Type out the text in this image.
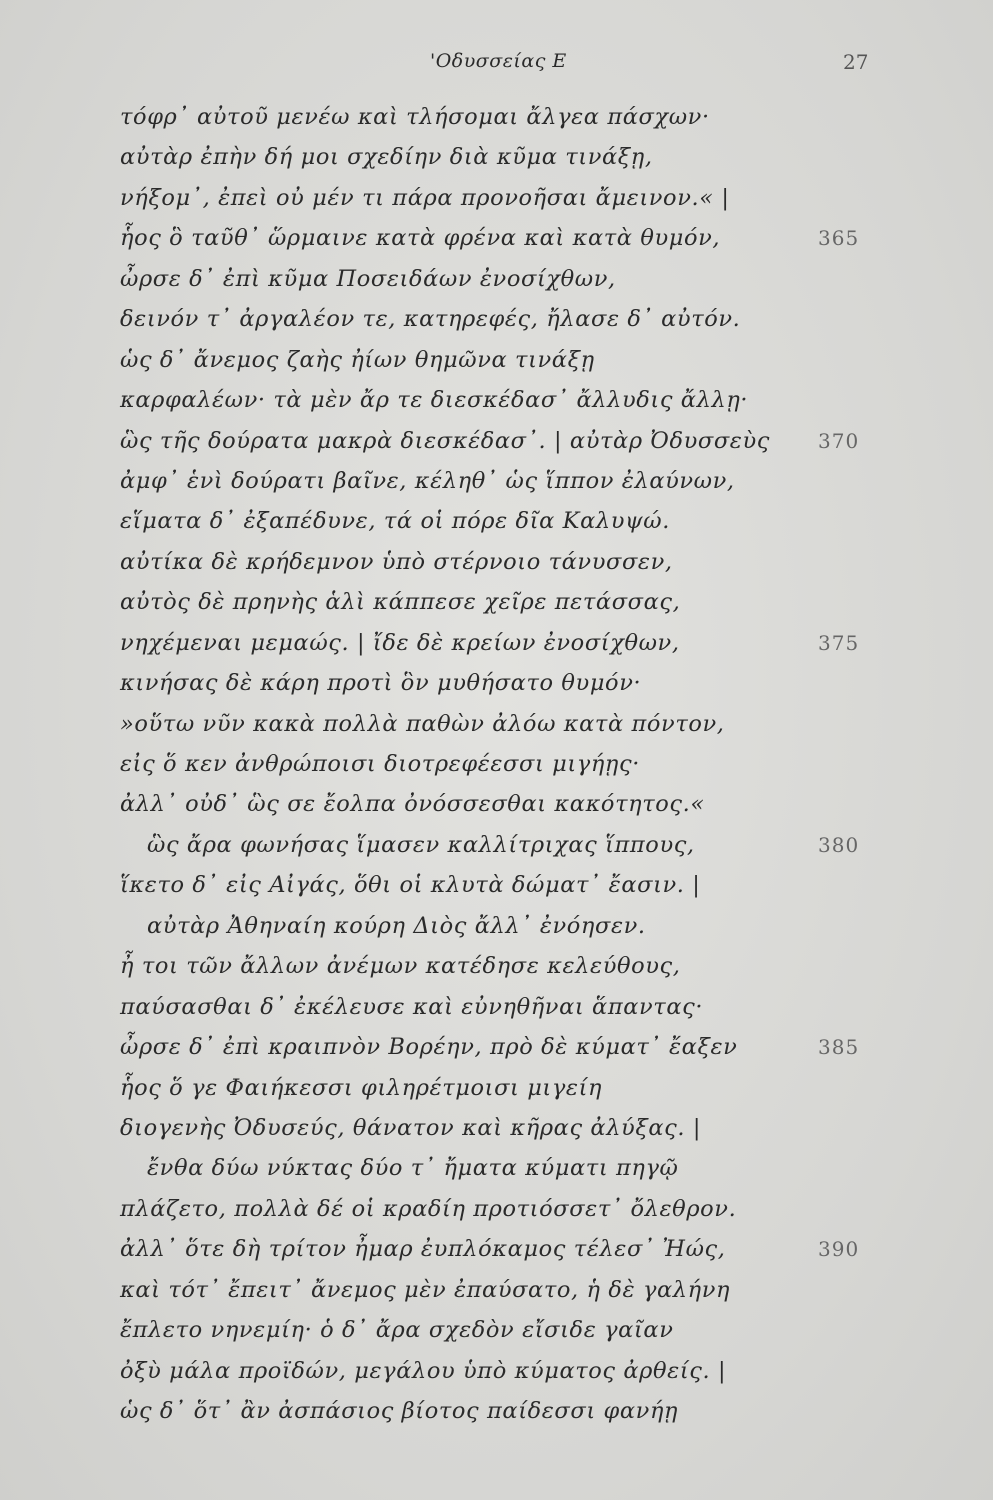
'Οδυσσείας Ε	27
τόφρ᾽ αὐτοῦ μενέω καὶ τλήσομαι ἄλγεα πάσχων·
αὐτὰρ ἐπὴν δή μοι σχεδίην διὰ κῦμα τινάξῃ,
νήξομ᾽, ἐπεὶ οὐ μέν τι πάρα προνοῆσαι ἄμεινον.« |
ἧος ὃ ταῦθ᾽ ὥρμαινε κατὰ φρένα καὶ κατὰ θυμόν,	365
ὦρσε δ᾽ ἐπὶ κῦμα Ποσειδάων ἐνοσίχθων,
δεινόν τ᾽ ἀργαλέον τε, κατηρεφές, ἤλασε δ᾽ αὐτόν.
ὡς δ᾽ ἄνεμος ζαὴς ἠίων θημῶνα τινάξῃ
καρφαλέων· τὰ μὲν ἄρ τε διεσκέδασ᾽ ἄλλυδις ἄλλῃ·
ὣς τῆς δούρατα μακρὰ διεσκέδασ᾽. | αὐτὰρ Ὀδυσσεὺς 370
ἀμφ᾽ ἑνὶ δούρατι βαῖνε, κέληθ᾽ ὡς ἵππον ἐλαύνων,
εἵματα δ᾽ ἐξαπέδυνε, τά οἱ πόρε δῖα Καλυψώ.
αὐτίκα δὲ κρήδεμνον ὑπὸ στέρνοιο τάνυσσεν,
αὐτὸς δὲ πρηνὴς ἁλὶ κάππεσε χεῖρε πετάσσας,
νηχέμεναι μεμαώς. | ἴδε δὲ κρείων ἐνοσίχθων,	375
κινήσας δὲ κάρη προτὶ ὃν μυθήσατο θυμόν·
»οὕτω νῦν κακὰ πολλὰ παθὼν ἀλόω κατὰ πόντον,
εἰς ὅ κεν ἀνθρώποισι διοτρεφέεσσι μιγήῃς·
ἀλλ᾽ οὐδ᾽ ὣς σε ἔολπα ὀνόσσεσθαι κακότητος.«
ὣς ἄρα φωνήσας ἵμασεν καλλίτριχας ἵππους,	380
ἵκετο δ᾽ εἰς Αἰγάς, ὅθι οἱ κλυτὰ δώματ᾽ ἔασιν. |
αὐτὰρ Ἀθηναίη κούρη Διὸς ἄλλ᾽ ἐνόησεν.
ἦ τοι τῶν ἄλλων ἀνέμων κατέδησε κελεύθους,
παύσασθαι δ᾽ ἐκέλευσε καὶ εὐνηθῆναι ἅπαντας·
ὦρσε δ᾽ ἐπὶ κραιπνὸν Βορέην, πρὸ δὲ κύματ᾽ ἔαξεν	385
ἧος ὅ γε Φαιήκεσσι φιληρέτμοισι μιγείη
διογενὴς Ὀδυσεύς, θάνατον καὶ κῆρας ἀλύξας. |
ἔνθα δύω νύκτας δύο τ᾽ ἤματα κύματι πηγῷ
πλάζετο, πολλὰ δέ οἱ κραδίη προτιόσσετ᾽ ὄλεθρον.
ἀλλ᾽ ὅτε δὴ τρίτον ἦμαρ ἐυπλόκαμος τέλεσ᾽ Ἠώς,	390
καὶ τότ᾽ ἔπειτ᾽ ἄνεμος μὲν ἐπαύσατο, ἡ δὲ γαλήνη
ἔπλετο νηνεμίη· ὁ δ᾽ ἄρα σχεδὸν εἴσιδε γαῖαν
ὀξὺ μάλα προϊδών, μεγάλου ὑπὸ κύματος ἀρθείς. |
ὡς δ᾽ ὅτ᾽ ἂν ἀσπάσιος βίοτος παίδεσσι φανήῃ
